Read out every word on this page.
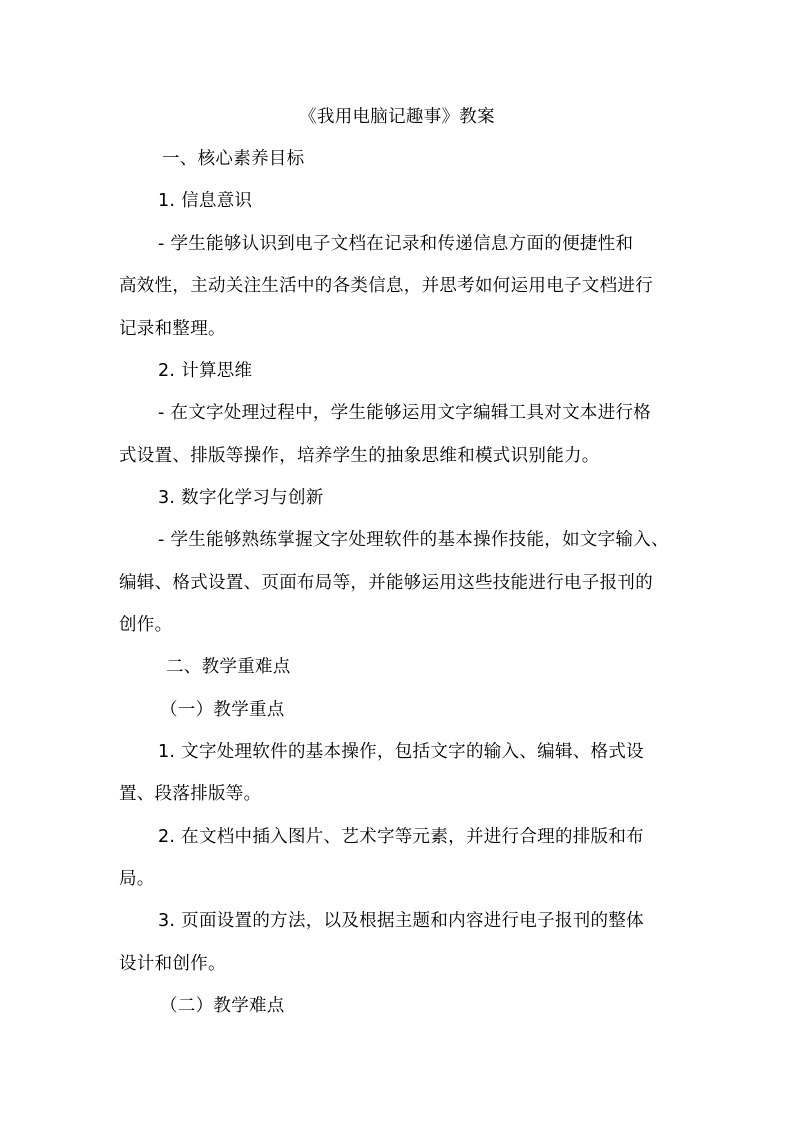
《我用电脑记趣事》教案
一、核心素养目标
1. 信息意识
- 学生能够认识到电子文档在记录和传递信息方面的便捷性和
高效性，主动关注生活中的各类信息，并思考如何运用电子文档进行
记录和整理。
2. 计算思维
- 在文字处理过程中，学生能够运用文字编辑工具对文本进行格
式设置、排版等操作，培养学生的抽象思维和模式识别能力。
3. 数字化学习与创新
- 学生能够熟练掌握文字处理软件的基本操作技能，如文字输入、
编辑、格式设置、页面布局等，并能够运用这些技能进行电子报刊的
创作。
二、教学重难点
（一）教学重点
1. 文字处理软件的基本操作，包括文字的输入、编辑、格式设
置、段落排版等。
2. 在文档中插入图片、艺术字等元素，并进行合理的排版和布
局。
3. 页面设置的方法，以及根据主题和内容进行电子报刊的整体
设计和创作。
（二）教学难点
